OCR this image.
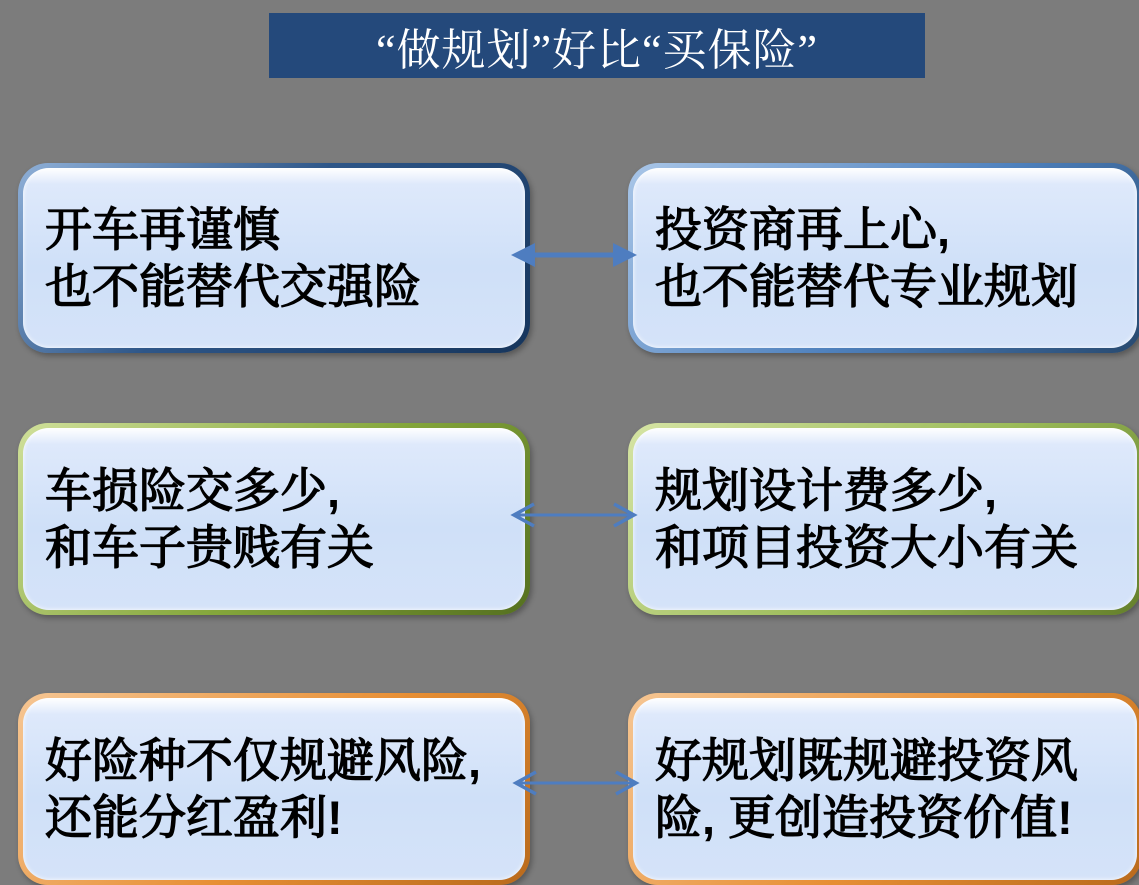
“做规划”好比“买保险”
开车再谨慎
也不能替代交强险
投资商再上心,
也不能替代专业规划
车损险交多少,
和车子贵贱有关
规划设计费多少,
和项目投资大小有关
好险种不仅规避风险,
还能分红盈利!
好规划既规避投资风
险, 更创造投资价值!
